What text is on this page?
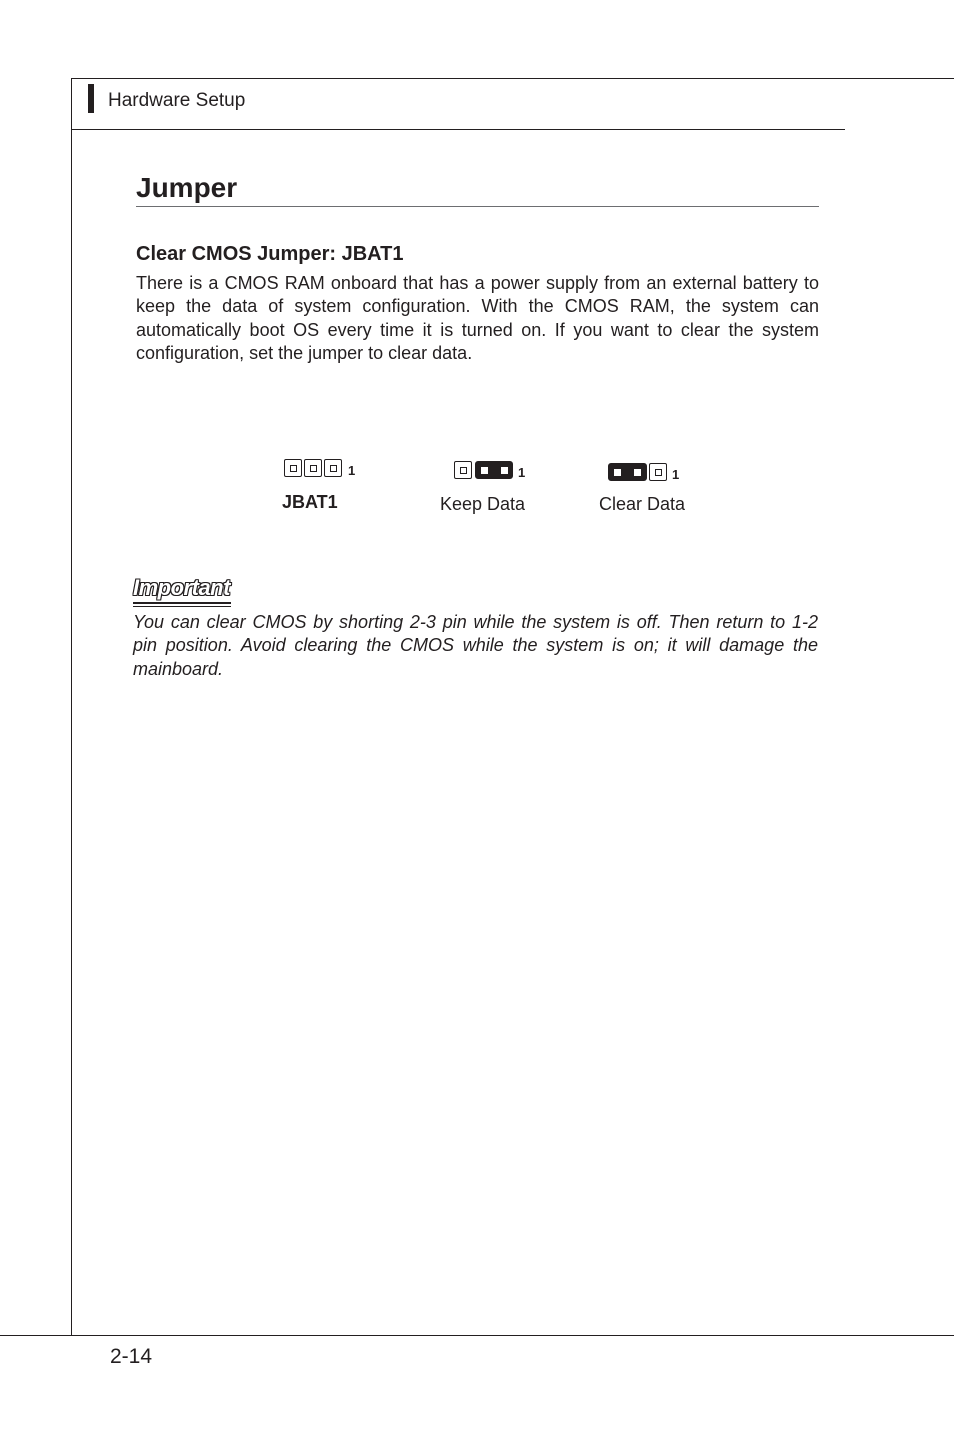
Hardware Setup
Jumper
Clear CMOS Jumper: JBAT1
There is a CMOS RAM onboard that has a power supply from an external battery to keep the data of system configuration. With the CMOS RAM, the system can automatically boot OS every time it is turned on. If you want to clear the system configuration, set the jumper to clear data.
1
JBAT1
1
Keep Data
1
Clear Data
Important
You can clear CMOS by shorting 2-3 pin while the system is off. Then return to 1-2 pin position. Avoid clearing the CMOS while the system is on; it will damage the mainboard.
2-14
